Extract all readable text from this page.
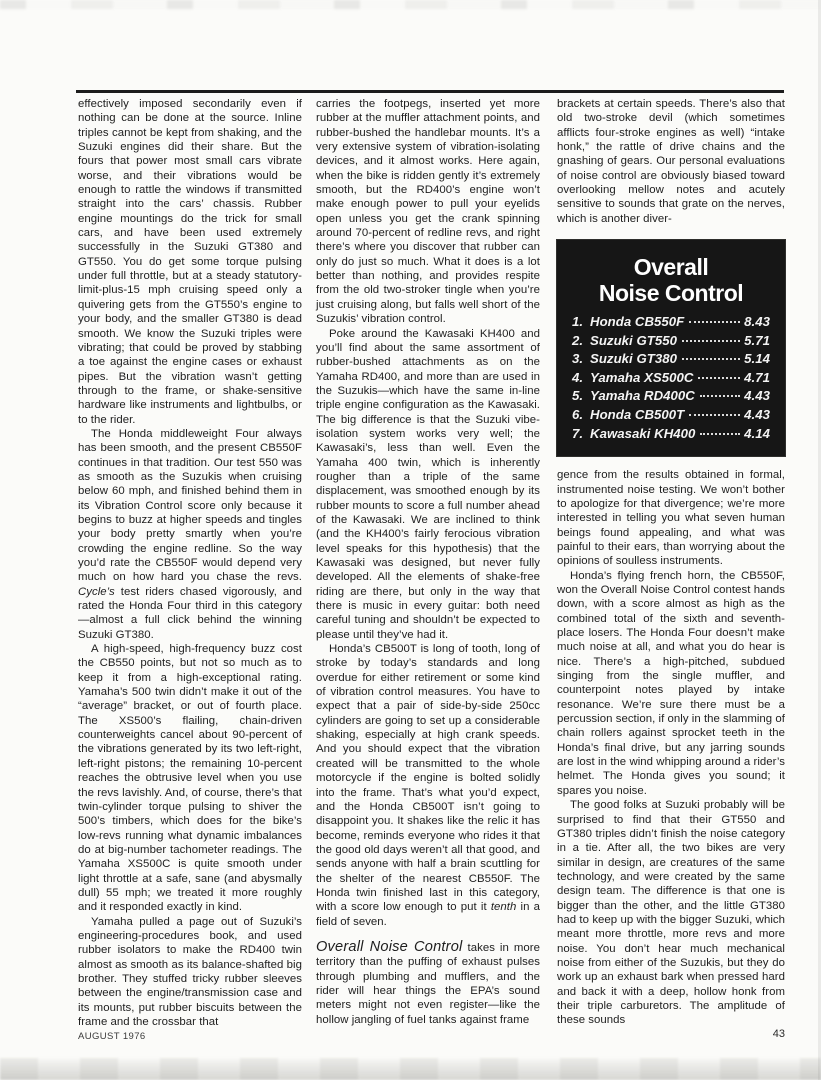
effectively imposed secondarily even if nothing can be done at the source. Inline triples cannot be kept from shaking, and the Suzuki engines did their share. But the fours that power most small cars vibrate worse, and their vibrations would be enough to rattle the windows if transmitted straight into the cars’ chassis. Rubber engine mountings do the trick for small cars, and have been used extremely successfully in the Suzuki GT380 and GT550. You do get some torque pulsing under full throttle, but at a steady statutory-limit-plus-15 mph cruising speed only a quivering gets from the GT550’s engine to your body, and the smaller GT380 is dead smooth. We know the Suzuki triples were vibrating; that could be proved by stabbing a toe against the engine cases or exhaust pipes. But the vibration wasn’t getting through to the frame, or shake-sensitive hardware like instruments and lightbulbs, or to the rider.

The Honda middleweight Four always has been smooth, and the present CB550F continues in that tradition. Our test 550 was as smooth as the Suzukis when cruising below 60 mph, and finished behind them in its Vibration Control score only because it begins to buzz at higher speeds and tingles your body pretty smartly when you’re crowding the engine redline. So the way you’d rate the CB550F would depend very much on how hard you chase the revs. Cycle’s test riders chased vigorously, and rated the Honda Four third in this category—almost a full click behind the winning Suzuki GT380.

A high-speed, high-frequency buzz cost the CB550 points, but not so much as to keep it from a high-exceptional rating. Yamaha’s 500 twin didn’t make it out of the “average” bracket, or out of fourth place. The XS500’s flailing, chain-driven counterweights cancel about 90-percent of the vibrations generated by its two left-right, left-right pistons; the remaining 10-percent reaches the obtrusive level when you use the revs lavishly. And, of course, there’s that twin-cylinder torque pulsing to shiver the 500’s timbers, which does for the bike’s low-revs running what dynamic imbalances do at big-number tachometer readings. The Yamaha XS500C is quite smooth under light throttle at a safe, sane (and abysmally dull) 55 mph; we treated it more roughly and it responded exactly in kind.

Yamaha pulled a page out of Suzuki’s engineering-procedures book, and used rubber isolators to make the RD400 twin almost as smooth as its balance-shafted big brother. They stuffed tricky rubber sleeves between the engine/transmission case and its mounts, put rubber biscuits between the frame and the crossbar that

carries the footpegs, inserted yet more rubber at the muffler attachment points, and rubber-bushed the handlebar mounts. It’s a very extensive system of vibration-isolating devices, and it almost works. Here again, when the bike is ridden gently it’s extremely smooth, but the RD400’s engine won’t make enough power to pull your eyelids open unless you get the crank spinning around 70-percent of redline revs, and right there’s where you discover that rubber can only do just so much. What it does is a lot better than nothing, and provides respite from the old two-stroker tingle when you’re just cruising along, but falls well short of the Suzukis’ vibration control.

Poke around the Kawasaki KH400 and you’ll find about the same assortment of rubber-bushed attachments as on the Yamaha RD400, and more than are used in the Suzukis—which have the same in-line triple engine configuration as the Kawasaki. The big difference is that the Suzuki vibe-isolation system works very well; the Kawasaki’s, less than well. Even the Yamaha 400 twin, which is inherently rougher than a triple of the same displacement, was smoothed enough by its rubber mounts to score a full number ahead of the Kawasaki. We are inclined to think (and the KH400’s fairly ferocious vibration level speaks for this hypothesis) that the Kawasaki was designed, but never fully developed. All the elements of shake-free riding are there, but only in the way that there is music in every guitar: both need careful tuning and shouldn’t be expected to please until they’ve had it.

Honda’s CB500T is long of tooth, long of stroke by today’s standards and long overdue for either retirement or some kind of vibration control measures. You have to expect that a pair of side-by-side 250cc cylinders are going to set up a considerable shaking, especially at high crank speeds. And you should expect that the vibration created will be transmitted to the whole motorcycle if the engine is bolted solidly into the frame. That’s what you’d expect, and the Honda CB500T isn’t going to disappoint you. It shakes like the relic it has become, reminds everyone who rides it that the good old days weren’t all that good, and sends anyone with half a brain scuttling for the shelter of the nearest CB550F. The Honda twin finished last in this category, with a score low enough to put it tenth in a field of seven.

Overall Noise Control takes in more territory than the puffing of exhaust pulses through plumbing and mufflers, and the rider will hear things the EPA’s sound meters might not even register—like the hollow jangling of fuel tanks against frame

brackets at certain speeds. There’s also that old two-stroke devil (which sometimes afflicts four-stroke engines as well) “intake honk,” the rattle of drive chains and the gnashing of gears. Our personal evaluations of noise control are obviously biased toward overlooking mellow notes and acutely sensitive to sounds that grate on the nerves, which is another diver-

Overall
Noise Control
1. Honda CB550F	8.43
2. Suzuki GT550	5.71
3. Suzuki GT380	5.14
4. Yamaha XS500C	4.71
5. Yamaha RD400C	4.43
6. Honda CB500T	4.43
7. Kawasaki KH400	4.14

gence from the results obtained in formal, instrumented noise testing. We won’t bother to apologize for that divergence; we’re more interested in telling you what seven human beings found appealing, and what was painful to their ears, than worrying about the opinions of soulless instruments.

Honda’s flying french horn, the CB550F, won the Overall Noise Control contest hands down, with a score almost as high as the combined total of the sixth and seventh-place losers. The Honda Four doesn’t make much noise at all, and what you do hear is nice. There’s a high-pitched, subdued singing from the single muffler, and counterpoint notes played by intake resonance. We’re sure there must be a percussion section, if only in the slamming of chain rollers against sprocket teeth in the Honda’s final drive, but any jarring sounds are lost in the wind whipping around a rider’s helmet. The Honda gives you sound; it spares you noise.

The good folks at Suzuki probably will be surprised to find that their GT550 and GT380 triples didn’t finish the noise category in a tie. After all, the two bikes are very similar in design, are creatures of the same technology, and were created by the same design team. The difference is that one is bigger than the other, and the little GT380 had to keep up with the bigger Suzuki, which meant more throttle, more revs and more noise. You don’t hear much mechanical noise from either of the Suzukis, but they do work up an exhaust bark when pressed hard and back it with a deep, hollow honk from their triple carburetors. The amplitude of these sounds

AUGUST 1976	43
